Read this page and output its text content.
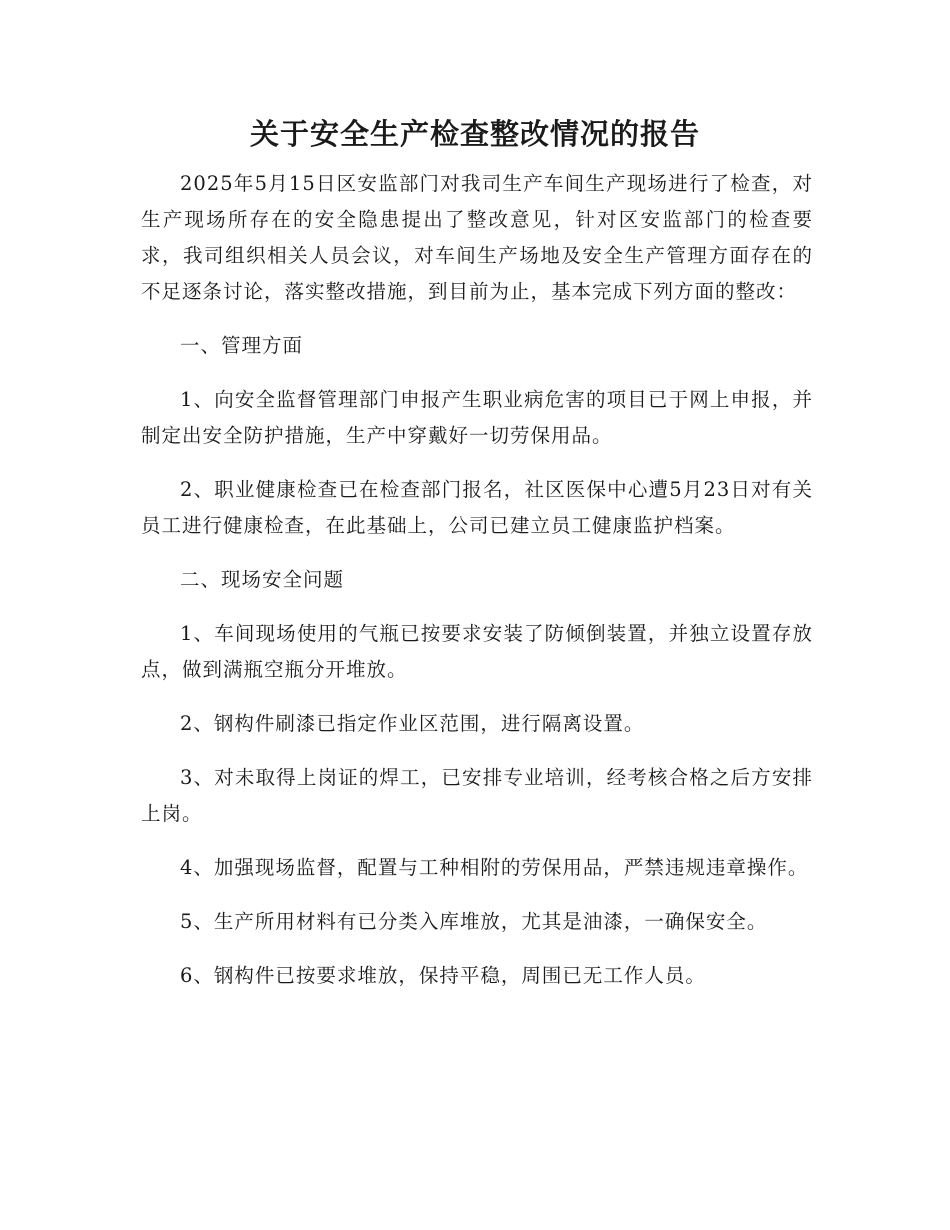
关于安全生产检查整改情况的报告

2025年5月15日区安监部门对我司生产车间生产现场进行了检查，对生产现场所存在的安全隐患提出了整改意见，针对区安监部门的检查要求，我司组织相关人员会议，对车间生产场地及安全生产管理方面存在的不足逐条讨论，落实整改措施，到目前为止，基本完成下列方面的整改：

一、管理方面

1、向安全监督管理部门申报产生职业病危害的项目已于网上申报，并制定出安全防护措施，生产中穿戴好一切劳保用品。

2、职业健康检查已在检查部门报名，社区医保中心遭5月23日对有关员工进行健康检查，在此基础上，公司已建立员工健康监护档案。

二、现场安全问题

1、车间现场使用的气瓶已按要求安装了防倾倒装置，并独立设置存放点，做到满瓶空瓶分开堆放。

2、钢构件刷漆已指定作业区范围，进行隔离设置。

3、对未取得上岗证的焊工，已安排专业培训，经考核合格之后方安排上岗。

4、加强现场监督，配置与工种相附的劳保用品，严禁违规违章操作。

5、生产所用材料有已分类入库堆放，尤其是油漆，一确保安全。

6、钢构件已按要求堆放，保持平稳，周围已无工作人员。
